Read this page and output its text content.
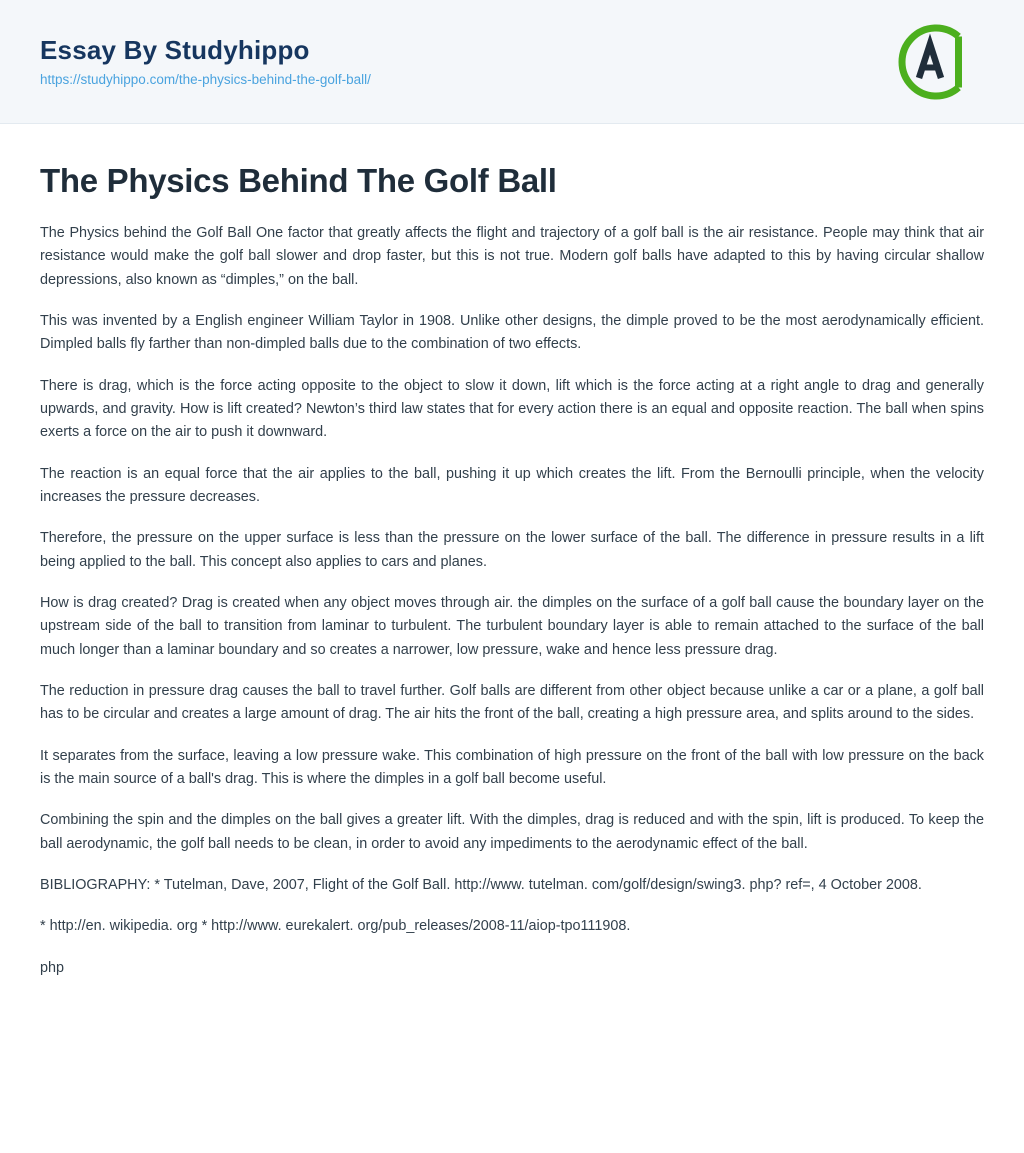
Essay By Studyhippo
https://studyhippo.com/the-physics-behind-the-golf-ball/
The Physics Behind The Golf Ball

The Physics behind the Golf Ball One factor that greatly affects the flight and trajectory of a golf ball is the air resistance. People may think that air resistance would make the golf ball slower and drop faster, but this is not true. Modern golf balls have adapted to this by having circular shallow depressions, also known as “dimples,” on the ball.

This was invented by a English engineer William Taylor in 1908. Unlike other designs, the dimple proved to be the most aerodynamically efficient. Dimpled balls fly farther than non-dimpled balls due to the combination of two effects.

There is drag, which is the force acting opposite to the object to slow it down, lift which is the force acting at a right angle to drag and generally upwards, and gravity. How is lift created? Newton’s third law states that for every action there is an equal and opposite reaction. The ball when spins exerts a force on the air to push it downward.

The reaction is an equal force that the air applies to the ball, pushing it up which creates the lift. From the Bernoulli principle, when the velocity increases the pressure decreases.

Therefore, the pressure on the upper surface is less than the pressure on the lower surface of the ball. The difference in pressure results in a lift being applied to the ball. This concept also applies to cars and planes.

How is drag created? Drag is created when any object moves through air. the dimples on the surface of a golf ball cause the boundary layer on the upstream side of the ball to transition from laminar to turbulent. The turbulent boundary layer is able to remain attached to the surface of the ball much longer than a laminar boundary and so creates a narrower, low pressure, wake and hence less pressure drag.

The reduction in pressure drag causes the ball to travel further. Golf balls are different from other object because unlike a car or a plane, a golf ball has to be circular and creates a large amount of drag. The air hits the front of the ball, creating a high pressure area, and splits around to the sides.

It separates from the surface, leaving a low pressure wake. This combination of high pressure on the front of the ball with low pressure on the back is the main source of a ball's drag. This is where the dimples in a golf ball become useful.

Combining the spin and the dimples on the ball gives a greater lift. With the dimples, drag is reduced and with the spin, lift is produced. To keep the ball aerodynamic, the golf ball needs to be clean, in order to avoid any impediments to the aerodynamic effect of the ball.

BIBLIOGRAPHY: * Tutelman, Dave, 2007, Flight of the Golf Ball. http://www. tutelman. com/golf/design/swing3. php? ref=, 4 October 2008.

* http://en. wikipedia. org * http://www. eurekalert. org/pub_releases/2008-11/aiop-tpo111908.

php
